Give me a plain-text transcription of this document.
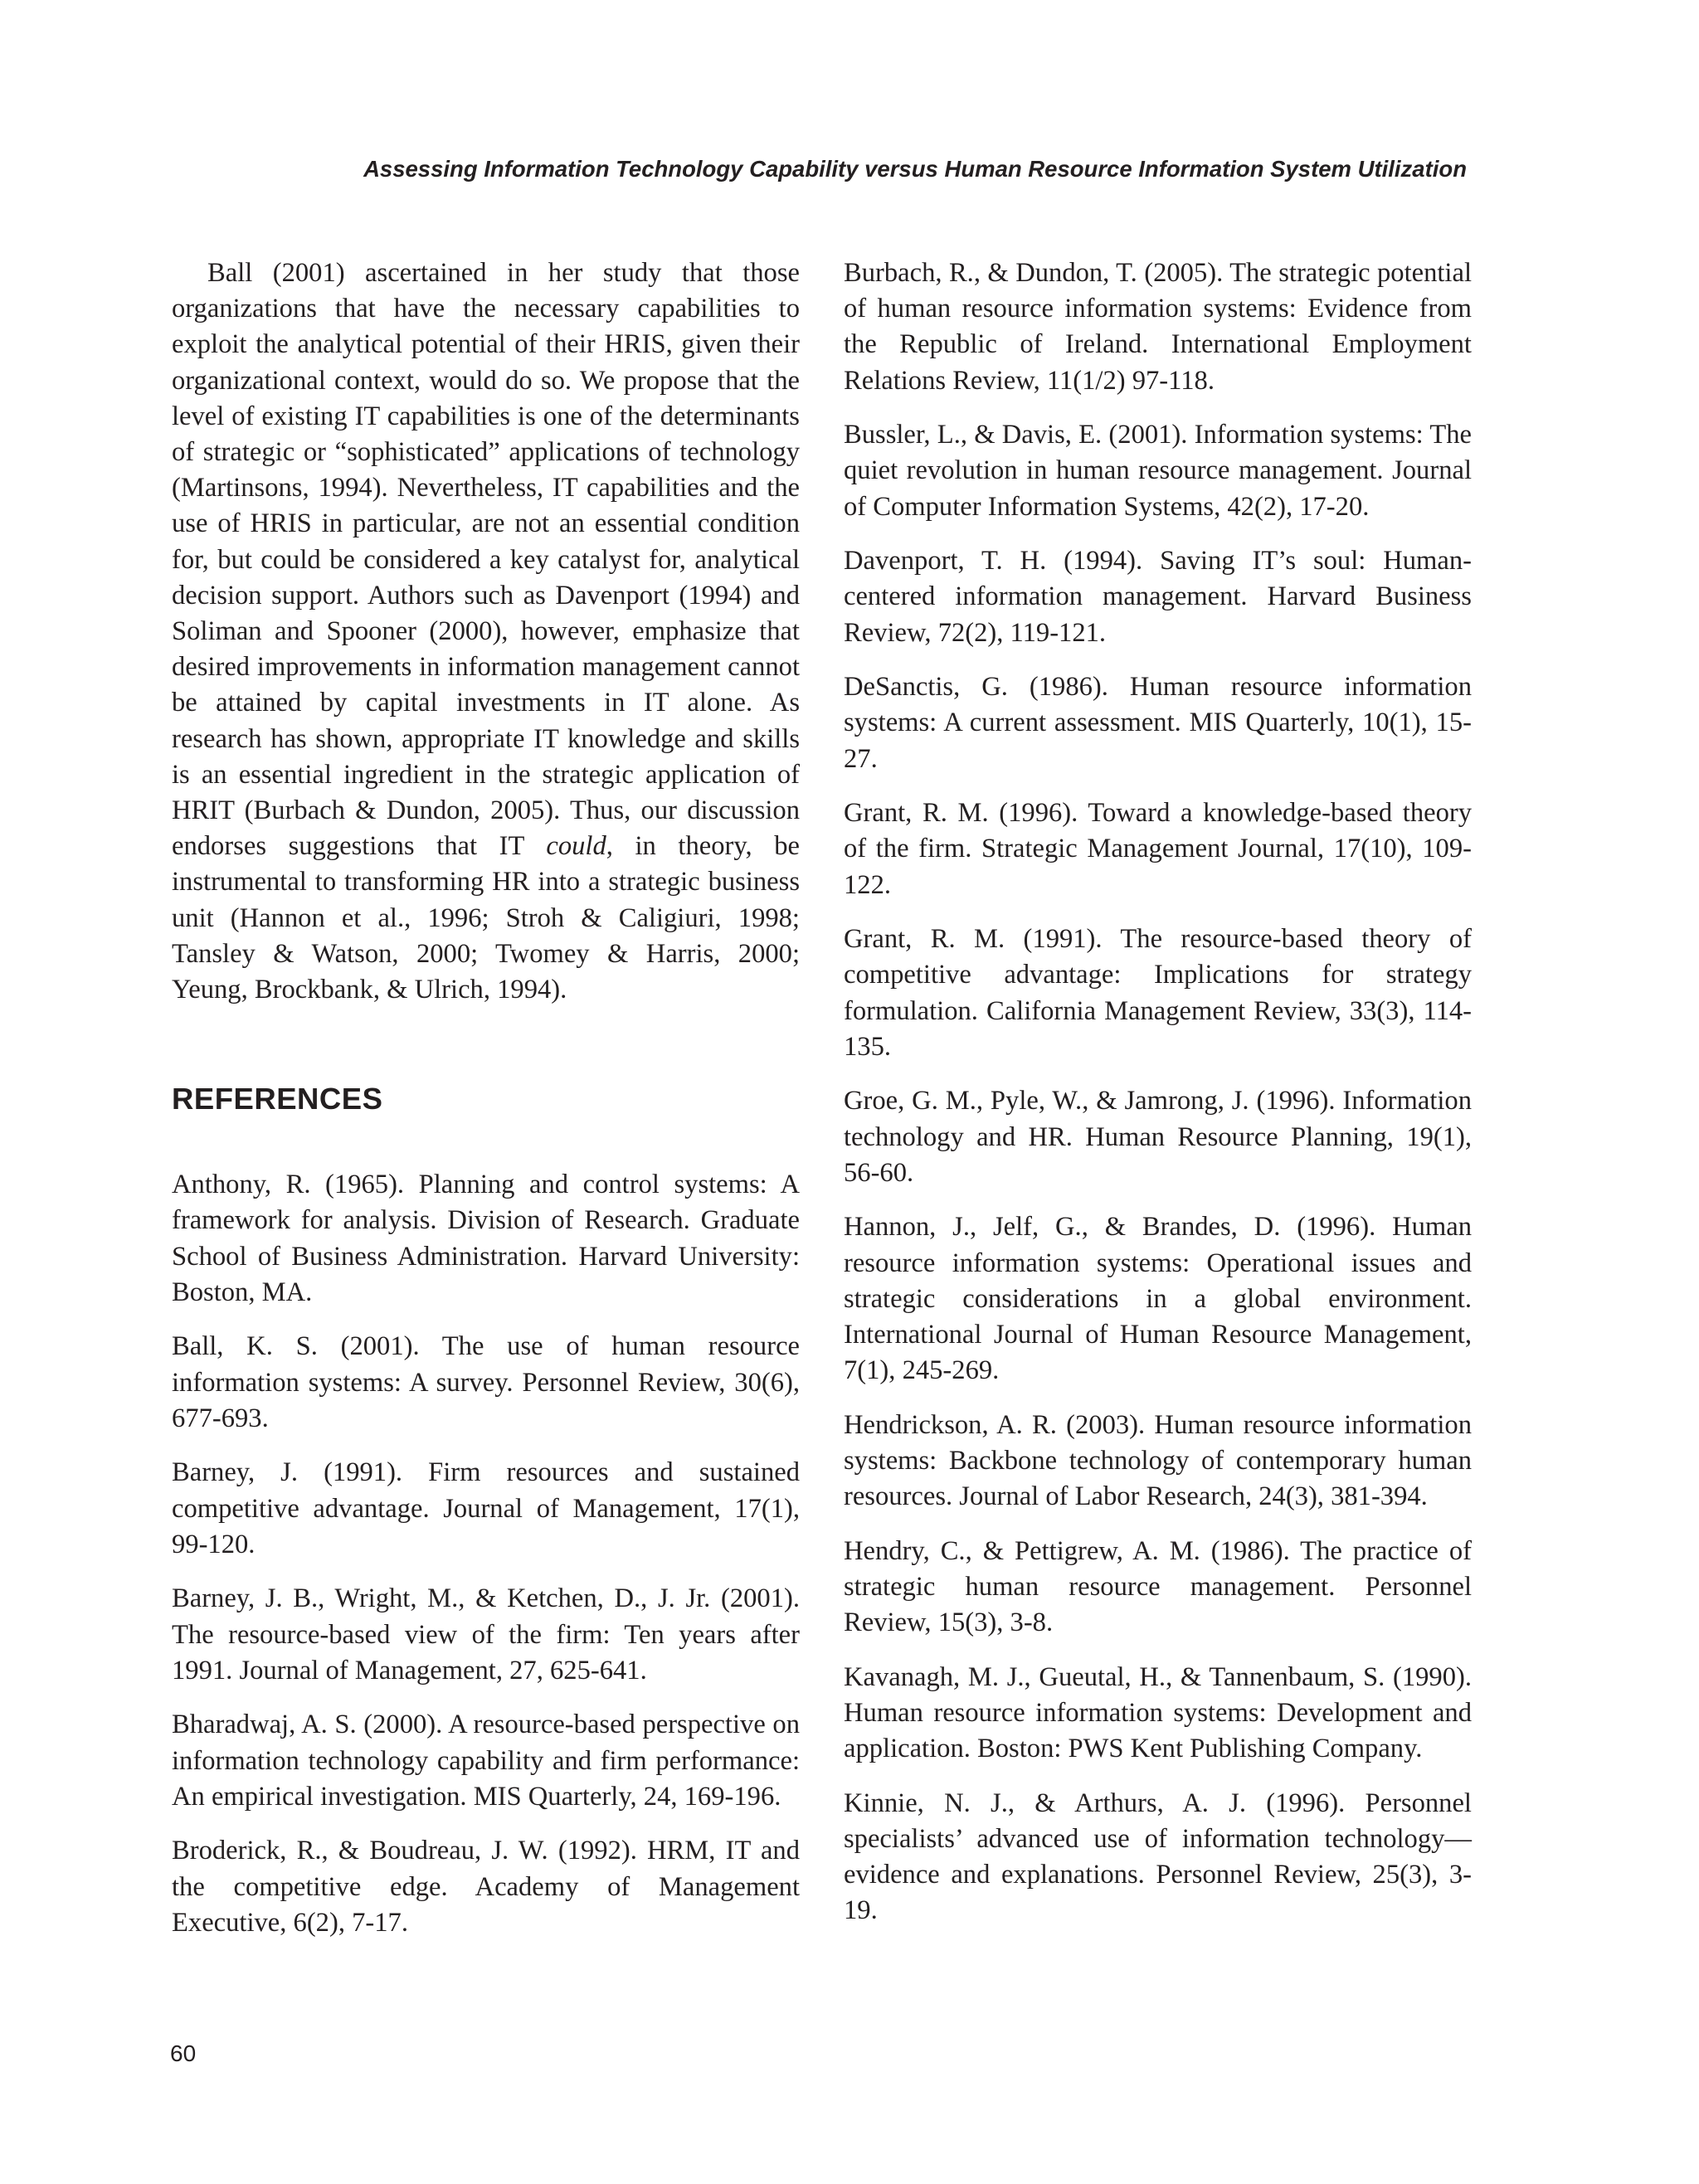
Assessing Information Technology Capability versus Human Resource Information System Utilization

Ball (2001) ascertained in her study that those organizations that have the necessary capabilities to exploit the analytical potential of their HRIS, given their organizational context, would do so. We propose that the level of existing IT capabilities is one of the determinants of strategic or “sophisticated” applications of technology (Martinsons, 1994). Nevertheless, IT capabilities and the use of HRIS in particular, are not an essential condition for, but could be considered a key catalyst for, analytical decision support. Authors such as Davenport (1994) and Soliman and Spooner (2000), however, emphasize that desired improvements in information management cannot be attained by capital investments in IT alone. As research has shown, appropriate IT knowledge and skills is an essential ingredient in the strategic application of HRIT (Burbach & Dundon, 2005). Thus, our discussion endorses suggestions that IT could, in theory, be instrumental to transforming HR into a strategic business unit (Hannon et al., 1996; Stroh & Caligiuri, 1998; Tansley & Watson, 2000; Twomey & Harris, 2000; Yeung, Brockbank, & Ulrich, 1994).

REFERENCES
Anthony, R. (1965). Planning and control systems: A framework for analysis. Division of Research. Graduate School of Business Administration. Harvard University: Boston, MA.
Ball, K. S. (2001). The use of human resource information systems: A survey. Personnel Review, 30(6), 677-693.
Barney, J. (1991). Firm resources and sustained competitive advantage. Journal of Management, 17(1), 99-120.
Barney, J. B., Wright, M., & Ketchen, D., J. Jr. (2001). The resource-based view of the firm: Ten years after 1991. Journal of Management, 27, 625-641.
Bharadwaj, A. S. (2000). A resource-based perspective on information technology capability and firm performance: An empirical investigation. MIS Quarterly, 24, 169-196.
Broderick, R., & Boudreau, J. W. (1992). HRM, IT and the competitive edge. Academy of Management Executive, 6(2), 7-17.
Burbach, R., & Dundon, T. (2005). The strategic potential of human resource information systems: Evidence from the Republic of Ireland. International Employment Relations Review, 11(1/2) 97-118.
Bussler, L., & Davis, E. (2001). Information systems: The quiet revolution in human resource management. Journal of Computer Information Systems, 42(2), 17-20.
Davenport, T. H. (1994). Saving IT’s soul: Human-centered information management. Harvard Business Review, 72(2), 119-121.
DeSanctis, G. (1986). Human resource information systems: A current assessment. MIS Quarterly, 10(1), 15-27.
Grant, R. M. (1996). Toward a knowledge-based theory of the firm. Strategic Management Journal, 17(10), 109-122.
Grant, R. M. (1991). The resource-based theory of competitive advantage: Implications for strategy formulation. California Management Review, 33(3), 114-135.
Groe, G. M., Pyle, W., & Jamrong, J. (1996). Information technology and HR. Human Resource Planning, 19(1), 56-60.
Hannon, J., Jelf, G., & Brandes, D. (1996). Human resource information systems: Operational issues and strategic considerations in a global environment. International Journal of Human Resource Management, 7(1), 245-269.
Hendrickson, A. R. (2003). Human resource information systems: Backbone technology of contemporary human resources. Journal of Labor Research, 24(3), 381-394.
Hendry, C., & Pettigrew, A. M. (1986). The practice of strategic human resource management. Personnel Review, 15(3), 3-8.
Kavanagh, M. J., Gueutal, H., & Tannenbaum, S. (1990). Human resource information systems: Development and application. Boston: PWS Kent Publishing Company.
Kinnie, N. J., & Arthurs, A. J. (1996). Personnel specialists’ advanced use of information technology—evidence and explanations. Personnel Review, 25(3), 3-19.
60
